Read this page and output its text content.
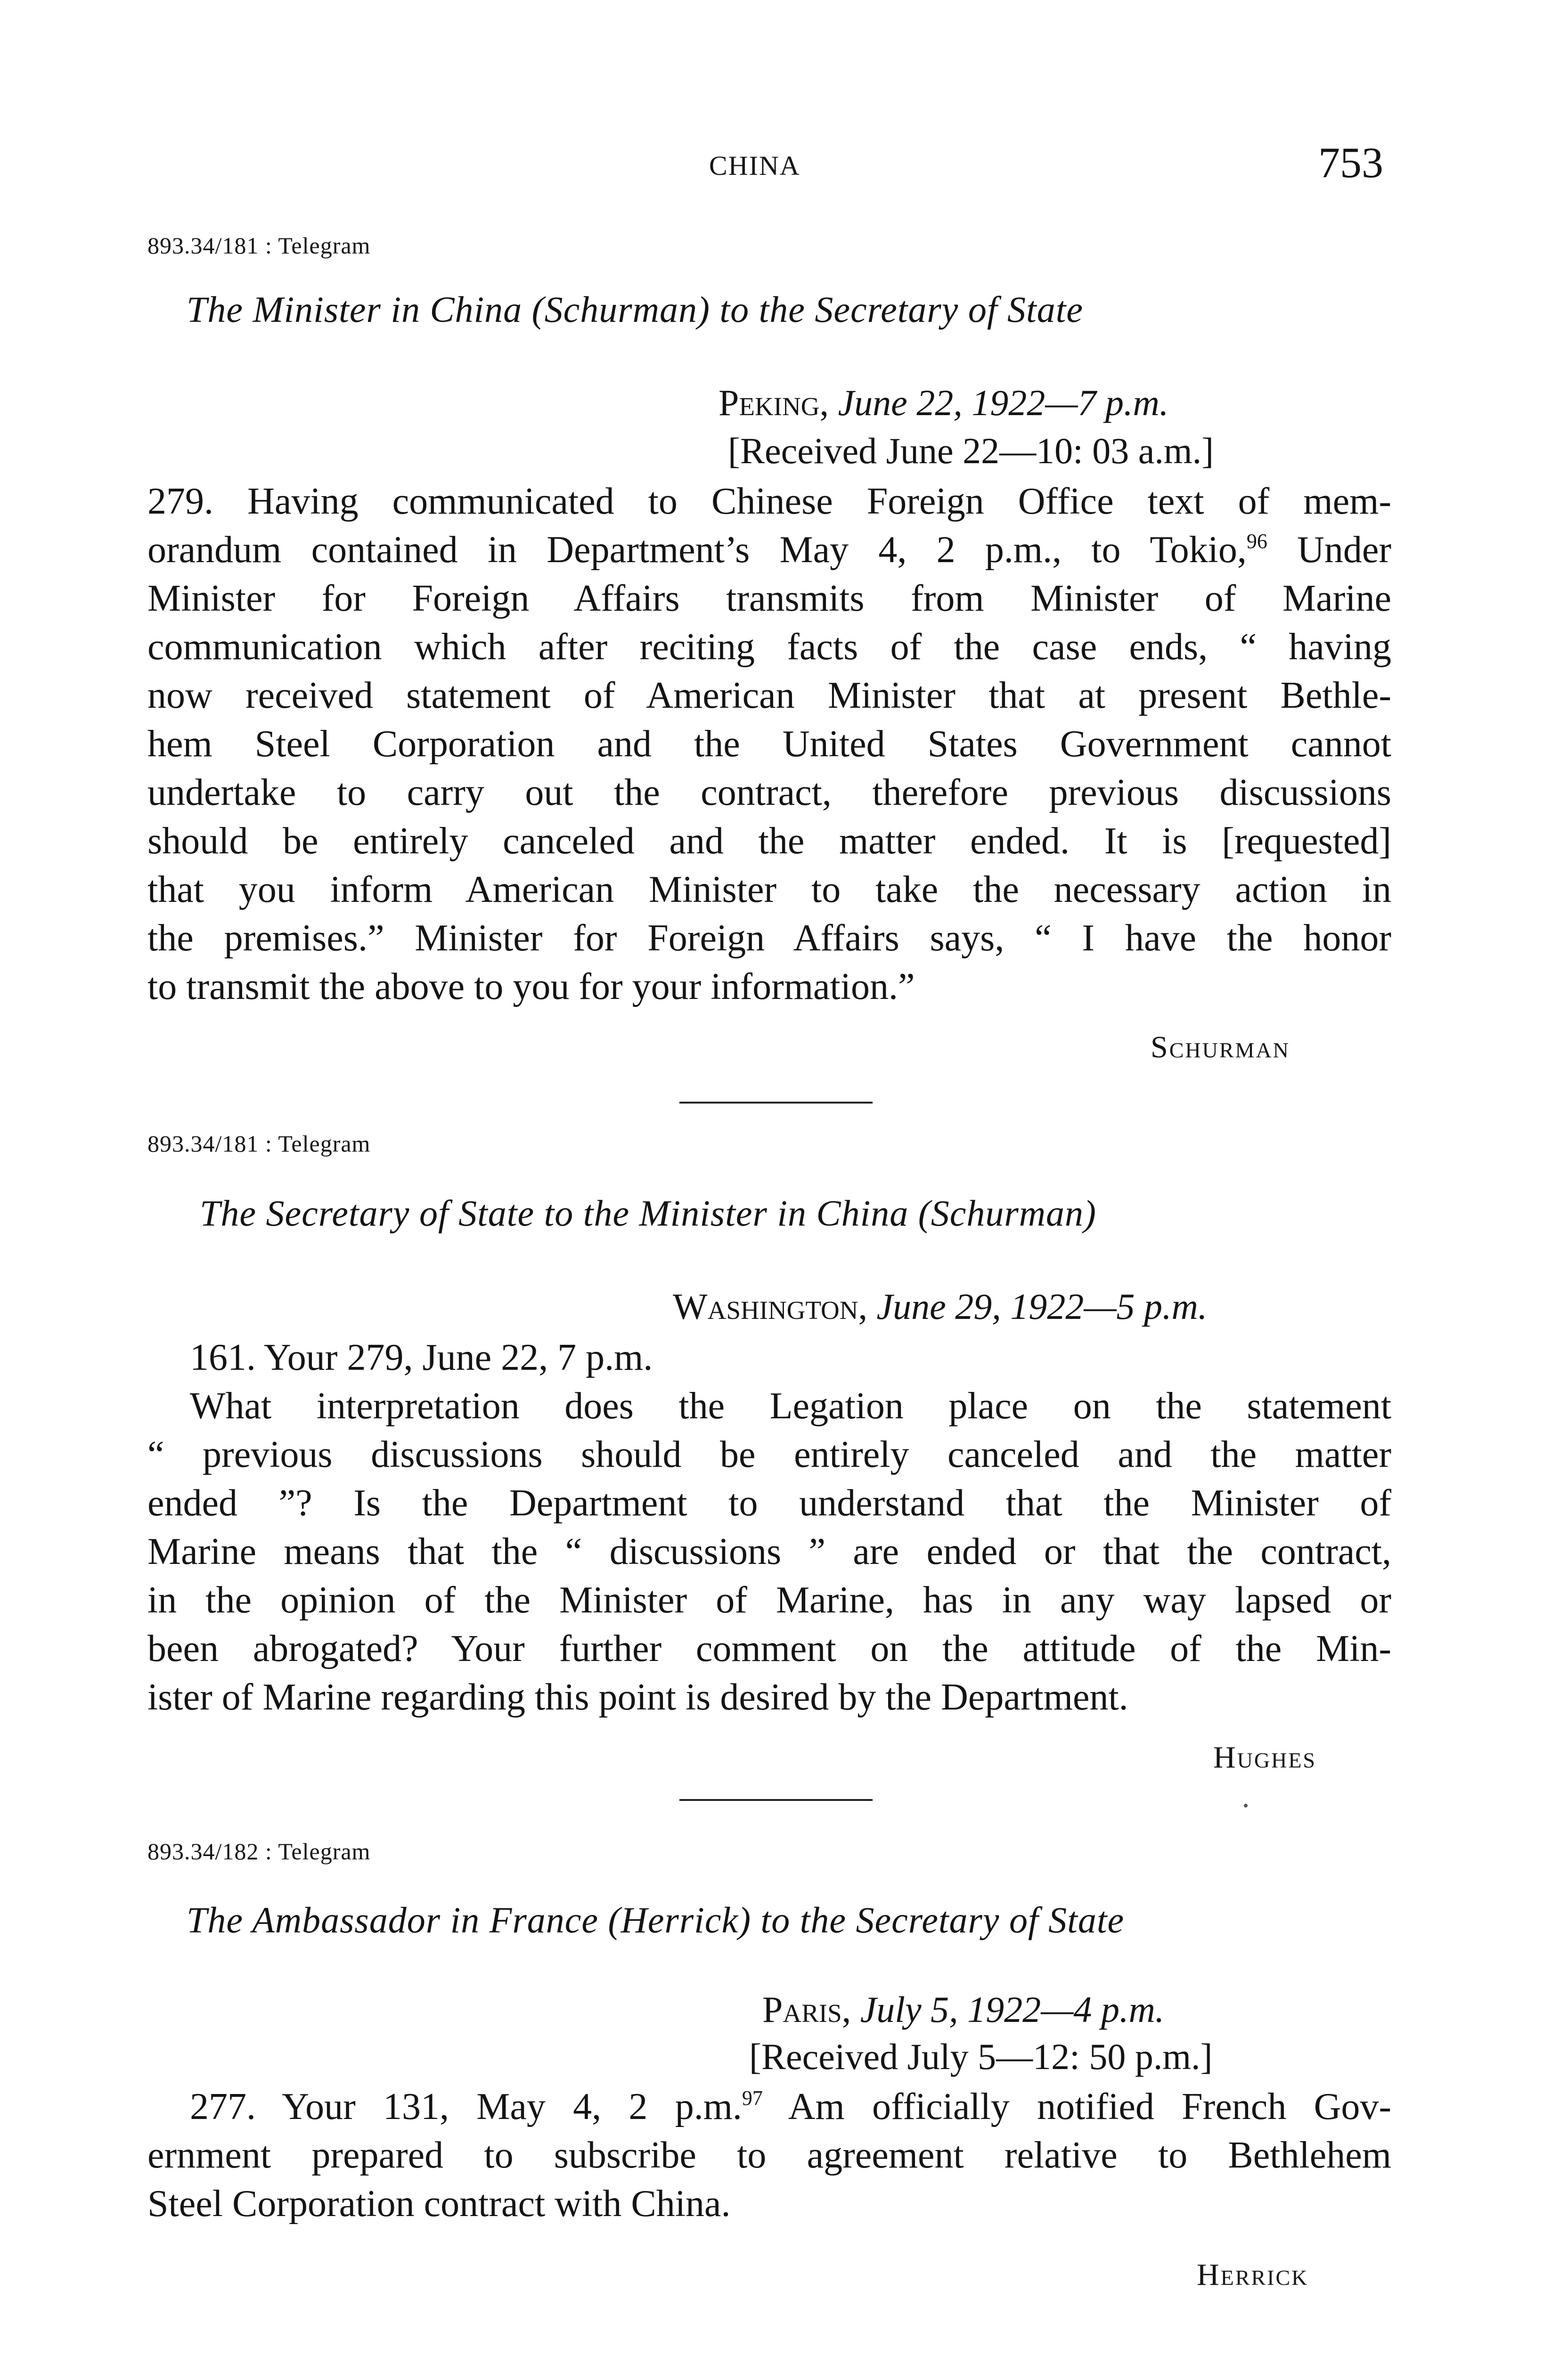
CHINA	753
893.34/181 : Telegram
The Minister in China (Schurman) to the Secretary of State
Peking, June 22, 1922—7 p.m.
[Received June 22—10: 03 a.m.]
279. Having communicated to Chinese Foreign Office text of mem-
orandum contained in Department’s May 4, 2 p.m., to Tokio,$^{96}$ Under
Minister for Foreign Affairs transmits from Minister of Marine
communication which after reciting facts of the case ends, “ having
now received statement of American Minister that at present Bethle-
hem Steel Corporation and the United States Government cannot
undertake to carry out the contract, therefore previous discussions
should be entirely canceled and the matter ended. It is [requested]
that you inform American Minister to take the necessary action in
the premises.” Minister for Foreign Affairs says, “ I have the honor
to transmit the above to you for your information.”
Schurman
893.34/181 : Telegram
The Secretary of State to the Minister in China (Schurman)
Washington, June 29, 1922—5 p.m.
161. Your 279, June 22, 7 p.m.
What interpretation does the Legation place on the statement
“ previous discussions should be entirely canceled and the matter
ended ”? Is the Department to understand that the Minister of
Marine means that the “ discussions ” are ended or that the contract,
in the opinion of the Minister of Marine, has in any way lapsed or
been abrogated? Your further comment on the attitude of the Min-
ister of Marine regarding this point is desired by the Department.
Hughes
893.34/182 : Telegram
The Ambassador in France (Herrick) to the Secretary of State
Paris, July 5, 1922—4 p.m.
[Received July 5—12: 50 p.m.]
277. Your 131, May 4, 2 p.m.$^{97}$ Am officially notified French Gov-
ernment prepared to subscribe to agreement relative to Bethlehem
Steel Corporation contract with China.
Herrick
